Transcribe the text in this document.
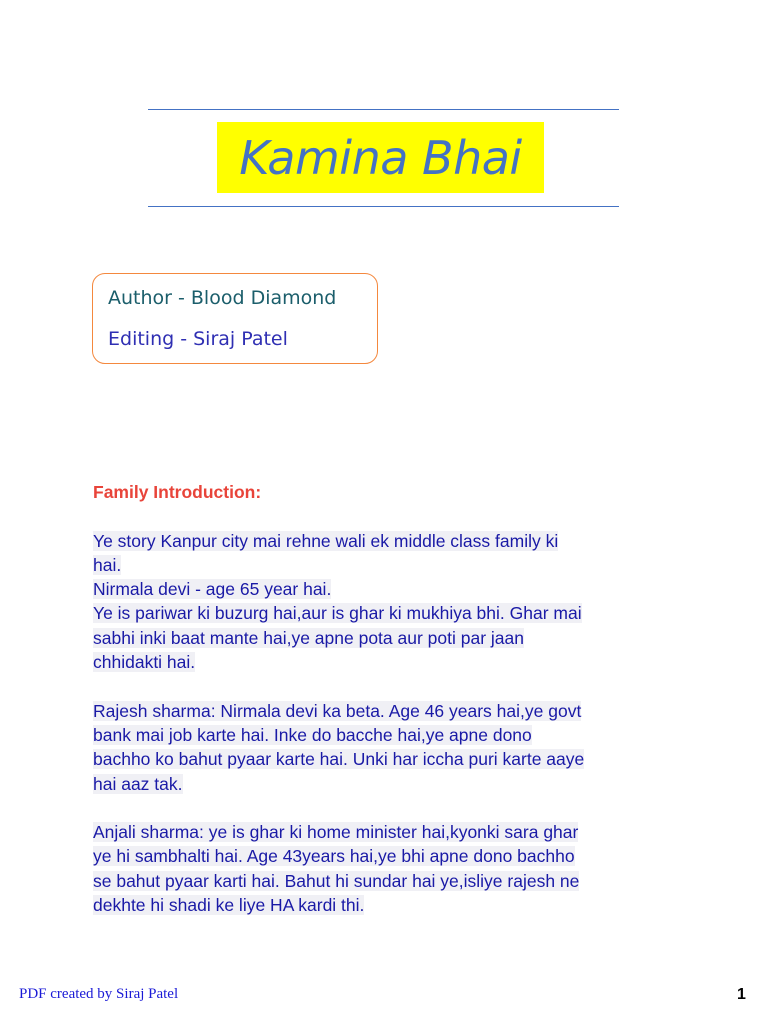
Kamina Bhai
Author - Blood Diamond
Editing - Siraj Patel

Family Introduction:

Ye story Kanpur city mai rehne wali ek middle class family ki
hai.
Nirmala devi - age 65 year hai.
Ye is pariwar ki buzurg hai,aur is ghar ki mukhiya bhi. Ghar mai
sabhi inki baat mante hai,ye apne pota aur poti par jaan
chhidakti hai.

Rajesh sharma: Nirmala devi ka beta. Age 46 years hai,ye govt
bank mai job karte hai. Inke do bacche hai,ye apne dono
bachho ko bahut pyaar karte hai. Unki har iccha puri karte aaye
hai aaz tak.

Anjali sharma: ye is ghar ki home minister hai,kyonki sara ghar
ye hi sambhalti hai. Age 43years hai,ye bhi apne dono bachho
se bahut pyaar karti hai. Bahut hi sundar hai ye,isliye rajesh ne
dekhte hi shadi ke liye HA kardi thi.

PDF created by Siraj Patel	1
